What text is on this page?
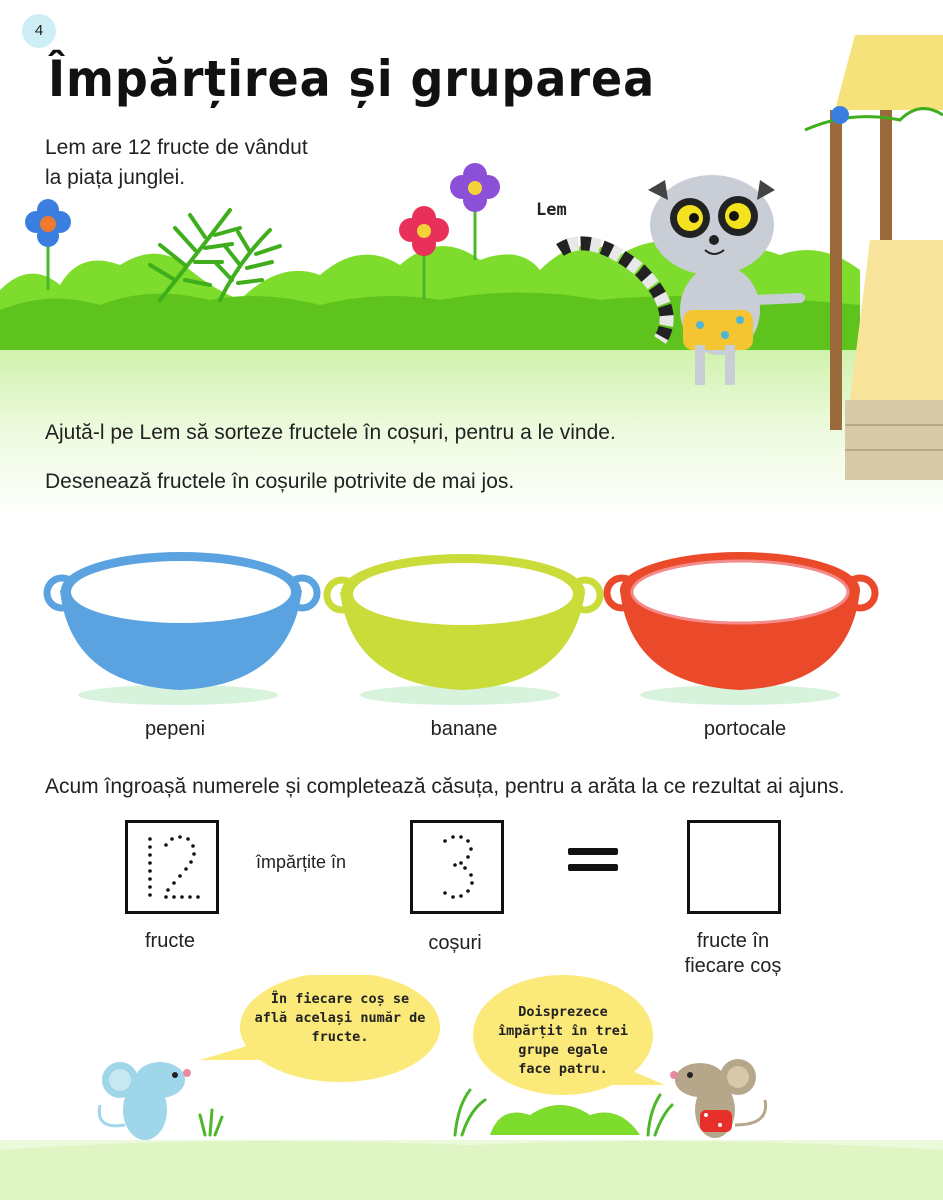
4
Împărțirea și gruparea
Lem are 12 fructe de vândut
la piața junglei.
Lem
Ajută-l pe Lem să sorteze fructele în coșuri, pentru a le vinde.
Desenează fructele în coșurile potrivite de mai jos.
pepeni	banane	portocale
Acum îngroașă numerele și completează căsuța, pentru a arăta la ce rezultat ai ajuns.
împărțite în
fructe	coșuri	fructe în
fiecare coș
În fiecare coș se
află același număr de
fructe.
Doisprezece
împărțit în trei
grupe egale
face patru.
